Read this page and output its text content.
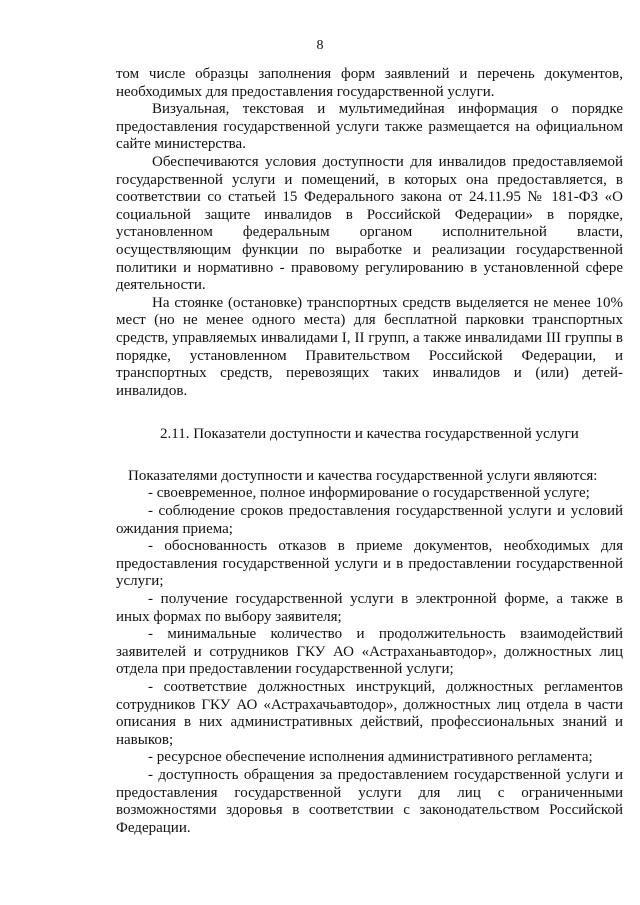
8

том числе образцы заполнения форм заявлений и перечень документов, необходимых для предоставления государственной услуги.

Визуальная, текстовая и мультимедийная информация о порядке предоставления государственной услуги также размещается на официальном сайте министерства.

Обеспечиваются условия доступности для инвалидов предоставляемой государственной услуги и помещений, в которых она предоставляется, в соответствии со статьей 15 Федерального закона от 24.11.95 № 181-ФЗ «О социальной защите инвалидов в Российской Федерации» в порядке, установленном федеральным органом исполнительной власти, осуществляющим функции по выработке и реализации государственной политики и нормативно - правовому регулированию в установленной сфере деятельности.

На стоянке (остановке) транспортных средств выделяется не менее 10% мест (но не менее одного места) для бесплатной парковки транспортных средств, управляемых инвалидами I, II групп, а также инвалидами III группы в порядке, установленном Правительством Российской Федерации, и транспортных средств, перевозящих таких инвалидов и (или) детей-инвалидов.

2.11. Показатели доступности и качества государственной услуги

Показателями доступности и качества государственной услуги являются:

- своевременное, полное информирование о государственной услуге;

- соблюдение сроков предоставления государственной услуги и условий ожидания приема;

- обоснованность отказов в приеме документов, необходимых для предоставления государственной услуги и в предоставлении государственной услуги;

- получение государственной услуги в электронной форме, а также в иных формах по выбору заявителя;

- минимальные количество и продолжительность взаимодействий заявителей и сотрудников ГКУ АО «Астраханьавтодор», должностных лиц отдела при предоставлении государственной услуги;

- соответствие должностных инструкций, должностных регламентов сотрудников ГКУ АО «Астрахачьавтодор», должностных лиц отдела в части описания в них административных действий, профессиональных знаний и навыков;

- ресурсное обеспечение исполнения административного регламента;

- доступность обращения за предоставлением государственной услуги и предоставления государственной услуги для лиц с ограниченными возможностями здоровья в соответствии с законодательством Российской Федерации.
